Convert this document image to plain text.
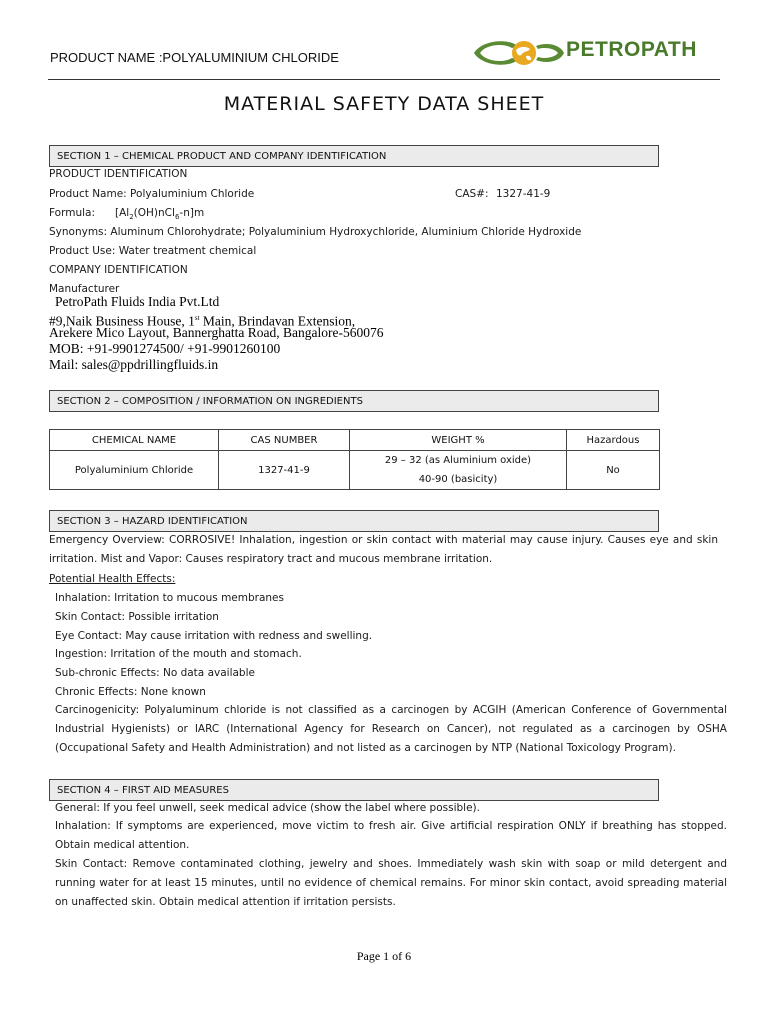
PRODUCT NAME :POLYALUMINIUM CHLORIDE	PETROPATH
MATERIAL SAFETY DATA SHEET
SECTION 1 – CHEMICAL PRODUCT AND COMPANY IDENTIFICATION
PRODUCT IDENTIFICATION
Product Name: Polyaluminium Chloride	CAS#: 1327-41-9
Formula: $[Al_2(OH)nCl_6-n]m$
Synonyms: Aluminum Chlorohydrate; Polyaluminium Hydroxychloride, Aluminium Chloride Hydroxide
Product Use: Water treatment chemical
COMPANY IDENTIFICATION
Manufacturer
PetroPath Fluids India Pvt.Ltd
#9,Naik Business House, 1st Main, Brindavan Extension,
Arekere Mico Layout, Bannerghatta Road, Bangalore-560076
MOB: +91-9901274500/ +91-9901260100
Mail: sales@ppdrillingfluids.in
SECTION 2 – COMPOSITION / INFORMATION ON INGREDIENTS
CHEMICAL NAME	CAS NUMBER	WEIGHT %	Hazardous
Polyaluminium Chloride	1327-41-9	29 – 32 (as Aluminium oxide)
40-90 (basicity)	No
SECTION 3 – HAZARD IDENTIFICATION
Emergency Overview: CORROSIVE! Inhalation, ingestion or skin contact with material may cause injury. Causes eye and skin irritation. Mist and Vapor: Causes respiratory tract and mucous membrane irritation.
Potential Health Effects:
Inhalation: Irritation to mucous membranes
Skin Contact: Possible irritation
Eye Contact: May cause irritation with redness and swelling.
Ingestion: Irritation of the mouth and stomach.
Sub-chronic Effects: No data available
Chronic Effects: None known
Carcinogenicity: Polyaluminum chloride is not classified as a carcinogen by ACGIH (American Conference of Governmental Industrial Hygienists) or IARC (International Agency for Research on Cancer), not regulated as a carcinogen by OSHA (Occupational Safety and Health Administration) and not listed as a carcinogen by NTP (National Toxicology Program).
SECTION 4 – FIRST AID MEASURES
General: If you feel unwell, seek medical advice (show the label where possible).
Inhalation: If symptoms are experienced, move victim to fresh air. Give artificial respiration ONLY if breathing has stopped. Obtain medical attention.
Skin Contact: Remove contaminated clothing, jewelry and shoes. Immediately wash skin with soap or mild detergent and running water for at least 15 minutes, until no evidence of chemical remains. For minor skin contact, avoid spreading material on unaffected skin. Obtain medical attention if irritation persists.
Page 1 of 6
